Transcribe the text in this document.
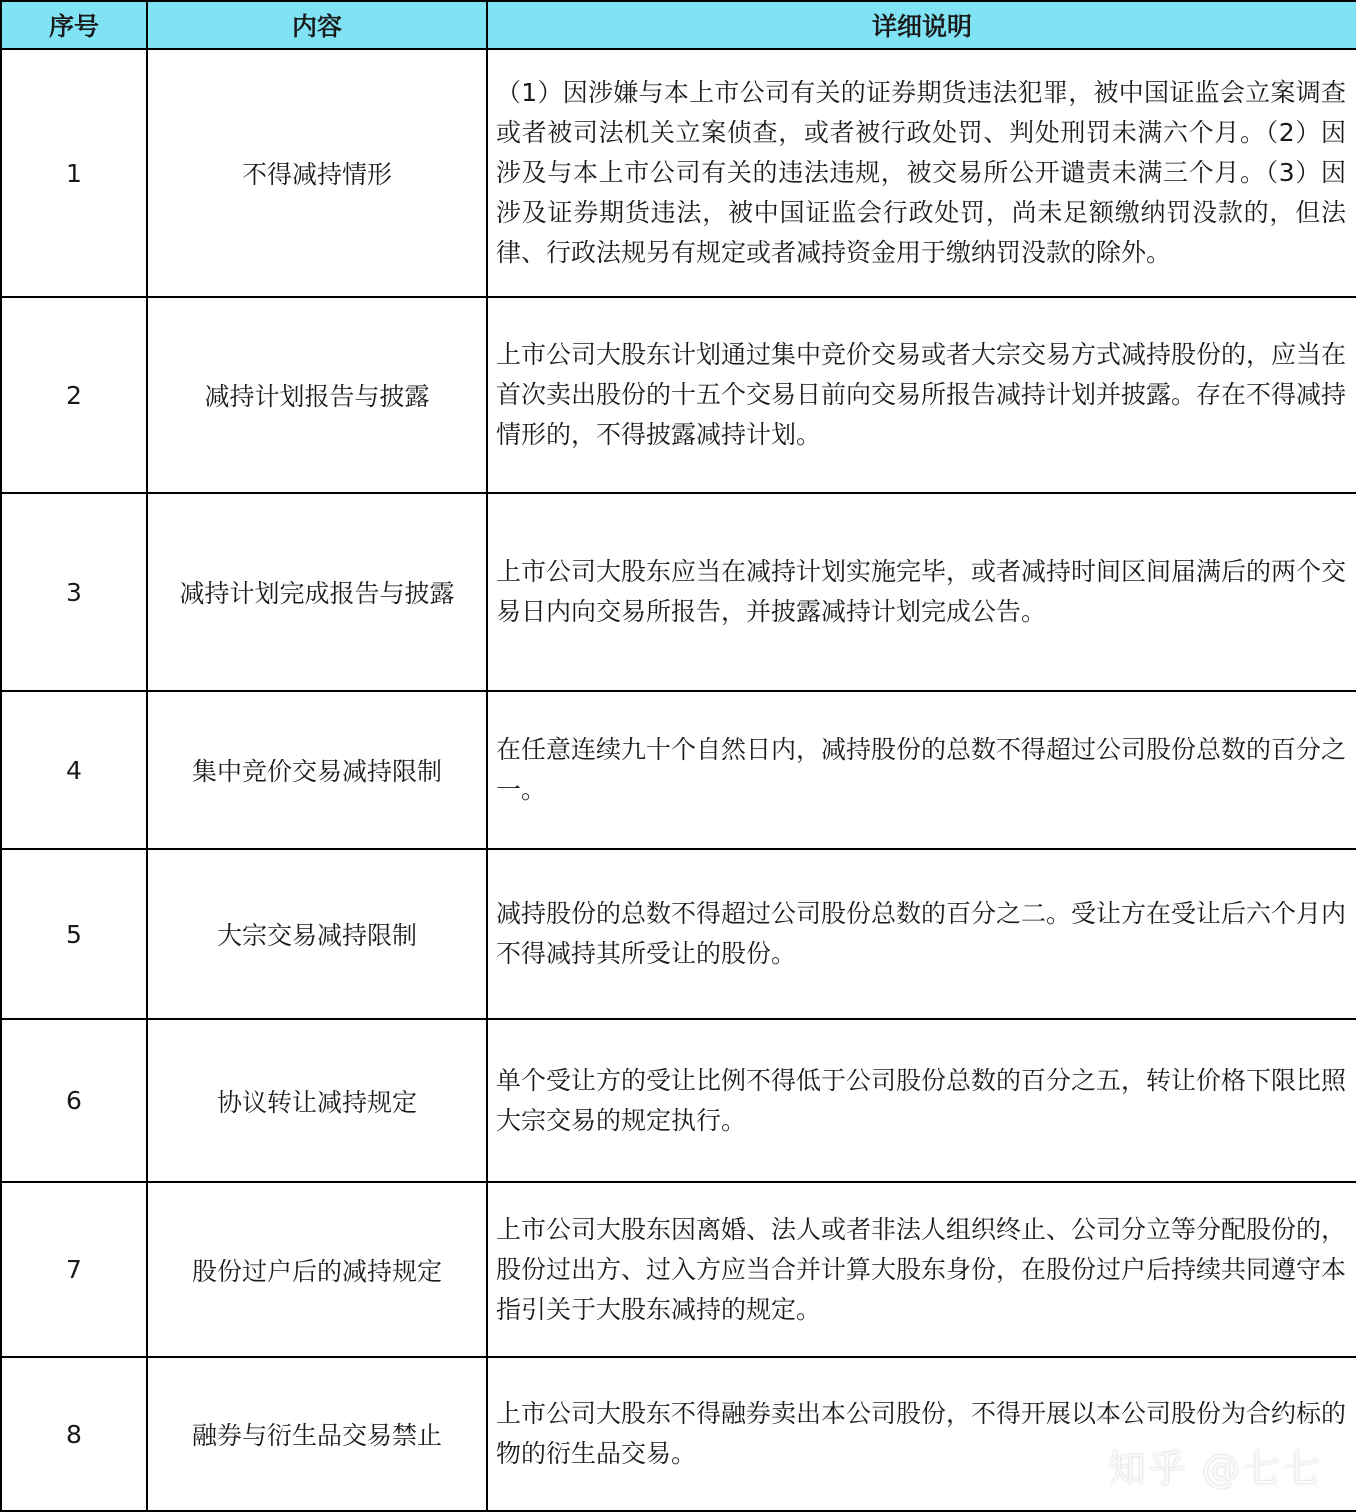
序号	内容	详细说明
1	不得减持情形	（1）因涉嫌与本上市公司有关的证券期货违法犯罪，被中国证监会立案调查或者被司法机关立案侦查，或者被行政处罚、判处刑罚未满六个月。（2）因涉及与本上市公司有关的违法违规，被交易所公开谴责未满三个月。（3）因涉及证券期货违法，被中国证监会行政处罚，尚未足额缴纳罚没款的，但法律、行政法规另有规定或者减持资金用于缴纳罚没款的除外。
2	减持计划报告与披露	上市公司大股东计划通过集中竞价交易或者大宗交易方式减持股份的，应当在首次卖出股份的十五个交易日前向交易所报告减持计划并披露。存在不得减持情形的，不得披露减持计划。
3	减持计划完成报告与披露	上市公司大股东应当在减持计划实施完毕，或者减持时间区间届满后的两个交易日内向交易所报告，并披露减持计划完成公告。
4	集中竞价交易减持限制	在任意连续九十个自然日内，减持股份的总数不得超过公司股份总数的百分之一。
5	大宗交易减持限制	减持股份的总数不得超过公司股份总数的百分之二。受让方在受让后六个月内不得减持其所受让的股份。
6	协议转让减持规定	单个受让方的受让比例不得低于公司股份总数的百分之五，转让价格下限比照大宗交易的规定执行。
7	股份过户后的减持规定	上市公司大股东因离婚、法人或者非法人组织终止、公司分立等分配股份的，股份过出方、过入方应当合并计算大股东身份，在股份过户后持续共同遵守本指引关于大股东减持的规定。
8	融券与衍生品交易禁止	上市公司大股东不得融券卖出本公司股份，不得开展以本公司股份为合约标的物的衍生品交易。	知乎 @七七
